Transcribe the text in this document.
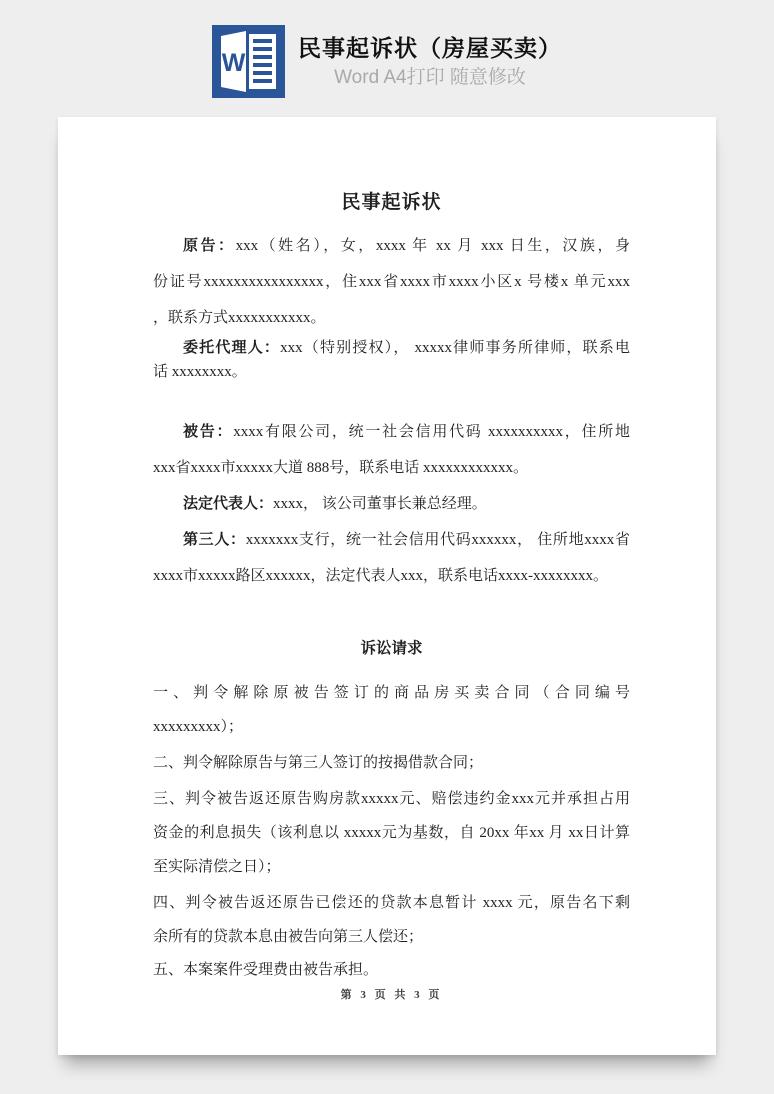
W
民事起诉状（房屋买卖）
Word A4打印 随意修改
民事起诉状
原告：xxx（姓名），女，xxxx 年 xx 月 xxx 日生，汉族，身
份证号xxxxxxxxxxxxxxxx，住xxx省xxxx市xxxx小区x 号楼x 单元xxx
，联系方式xxxxxxxxxxx。
委托代理人：xxx（特别授权）， xxxxx律师事务所律师，联系电
话 xxxxxxxx。
被告：xxxx有限公司，统一社会信用代码 xxxxxxxxxx，住所地
xxx省xxxx市xxxxx大道 888号，联系电话 xxxxxxxxxxxx。
法定代表人：xxxx， 该公司董事长兼总经理。
第三人：xxxxxxx支行，统一社会信用代码xxxxxx， 住所地xxxx省
xxxx市xxxxx路区xxxxxx，法定代表人xxx，联系电话xxxx-xxxxxxxx。
诉讼请求
一、判令解除原被告签订的商品房买卖合同（合同编号
xxxxxxxxx）；
二、判令解除原告与第三人签订的按揭借款合同；
三、判令被告返还原告购房款xxxxx元、赔偿违约金xxx元并承担占用
资金的利息损失（该利息以 xxxxx元为基数，自 20xx 年xx 月 xx日计算
至实际清偿之日）；
四、判令被告返还原告已偿还的贷款本息暂计 xxxx 元，原告名下剩
余所有的贷款本息由被告向第三人偿还；
五、本案案件受理费由被告承担。
第 3 页 共 3 页
